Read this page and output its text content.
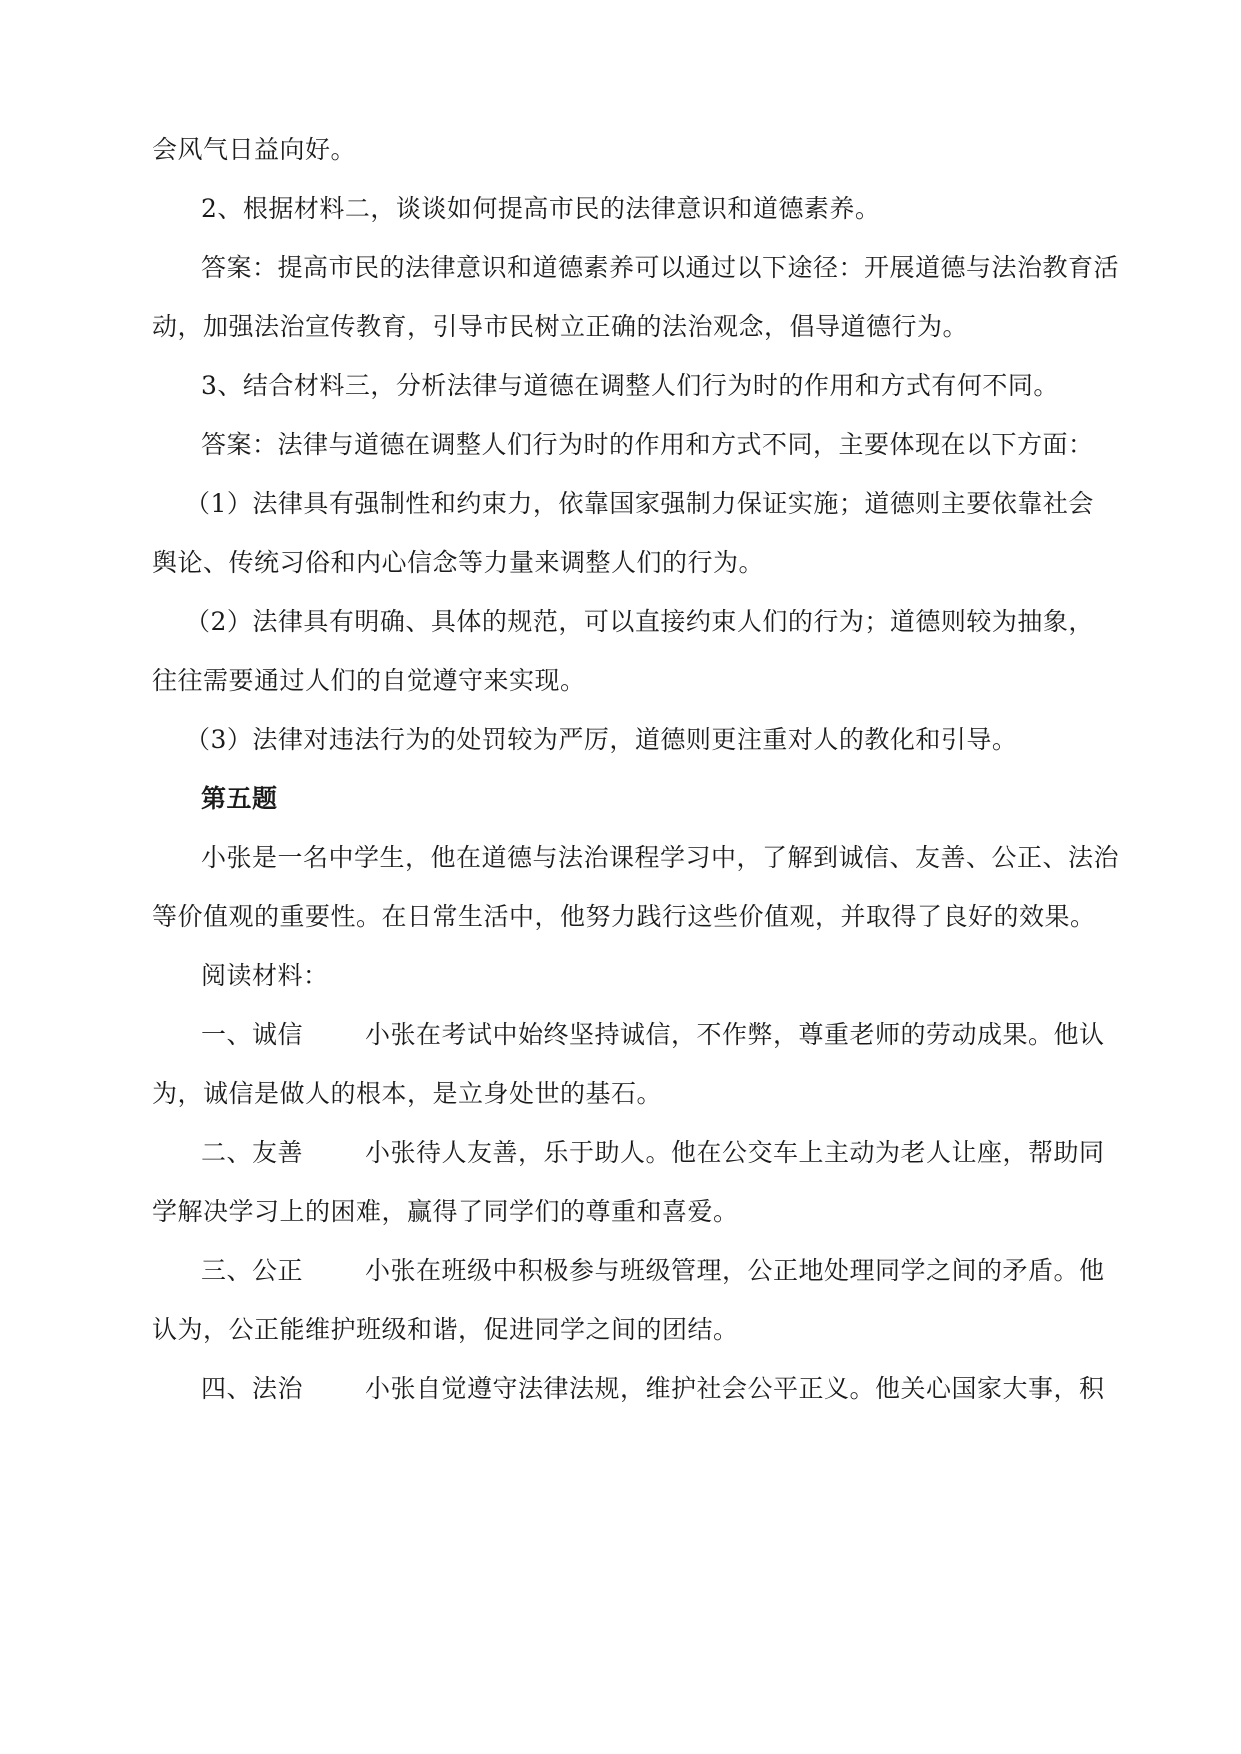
会风气日益向好。
2、根据材料二，谈谈如何提高市民的法律意识和道德素养。
答案：提高市民的法律意识和道德素养可以通过以下途径：开展道德与法治教育活
动，加强法治宣传教育，引导市民树立正确的法治观念，倡导道德行为。
3、结合材料三，分析法律与道德在调整人们行为时的作用和方式有何不同。
答案：法律与道德在调整人们行为时的作用和方式不同，主要体现在以下方面：
（1）法律具有强制性和约束力，依靠国家强制力保证实施；道德则主要依靠社会
舆论、传统习俗和内心信念等力量来调整人们的行为。
（2）法律具有明确、具体的规范，可以直接约束人们的行为；道德则较为抽象，
往往需要通过人们的自觉遵守来实现。
（3）法律对违法行为的处罚较为严厉，道德则更注重对人的教化和引导。
第五题
小张是一名中学生，他在道德与法治课程学习中，了解到诚信、友善、公正、法治
等价值观的重要性。在日常生活中，他努力践行这些价值观，并取得了良好的效果。
阅读材料：
一、诚信 小张在考试中始终坚持诚信，不作弊，尊重老师的劳动成果。他认
为，诚信是做人的根本，是立身处世的基石。
二、友善 小张待人友善，乐于助人。他在公交车上主动为老人让座，帮助同
学解决学习上的困难，赢得了同学们的尊重和喜爱。
三、公正 小张在班级中积极参与班级管理，公正地处理同学之间的矛盾。他
认为，公正能维护班级和谐，促进同学之间的团结。
四、法治 小张自觉遵守法律法规，维护社会公平正义。他关心国家大事，积
